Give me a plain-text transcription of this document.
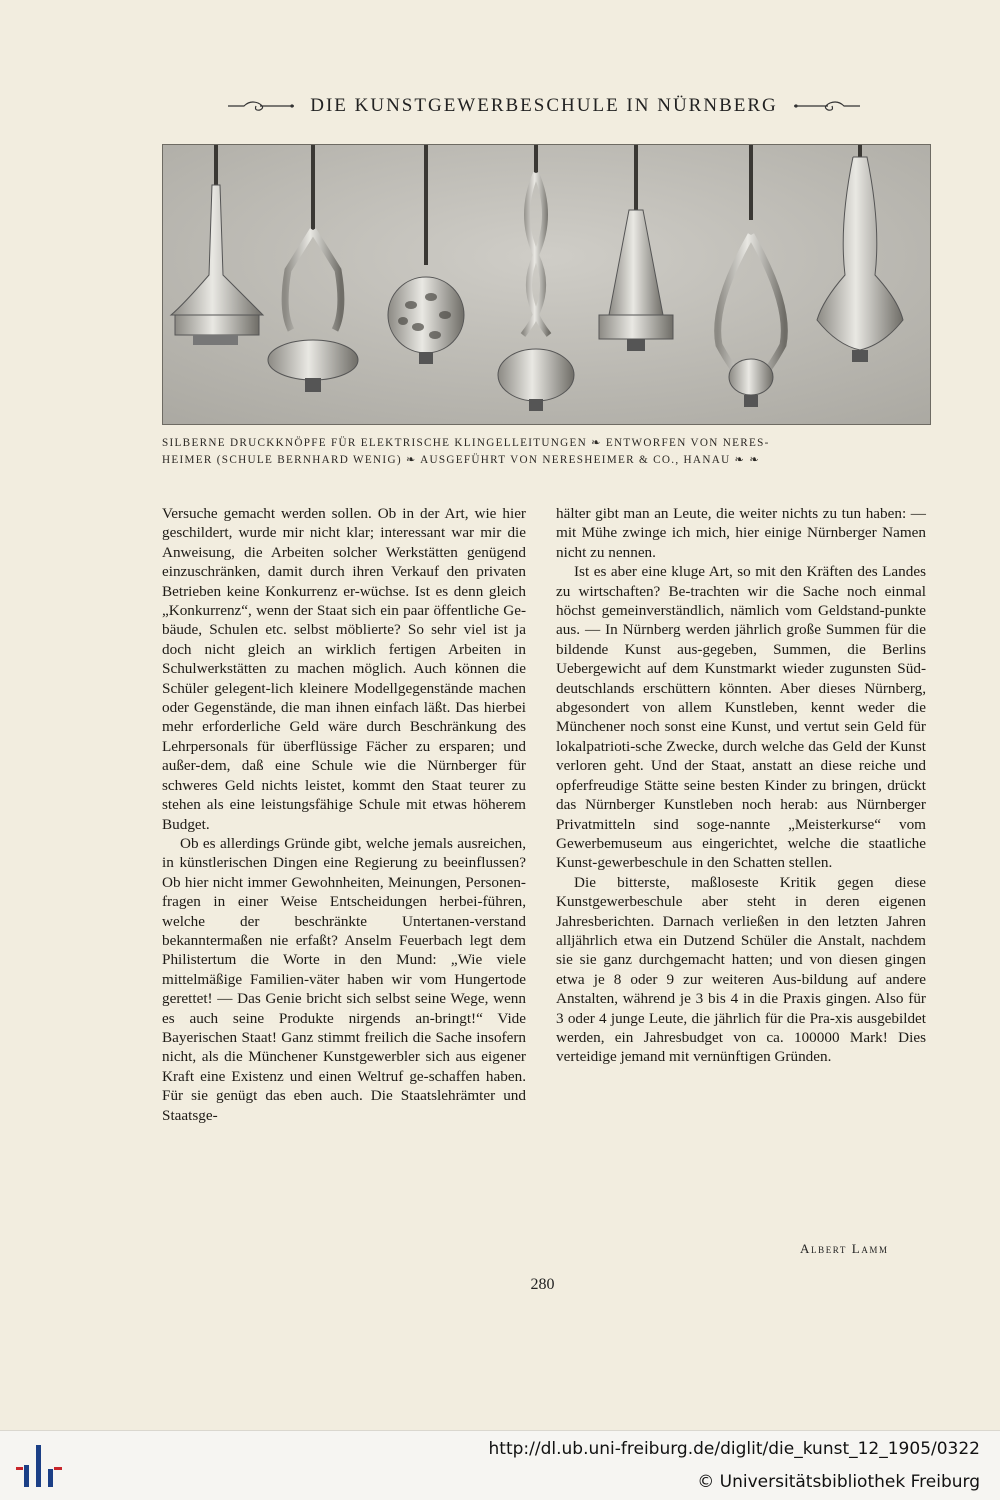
DIE KUNSTGEWERBESCHULE IN NÜRNBERG
SILBERNE DRUCKKNÖPFE FÜR ELEKTRISCHE KLINGELLEITUNGEN ❧ ENTWORFEN VON NERES-
HEIMER (SCHULE BERNHARD WENIG) ❧ AUSGEFÜHRT VON NERESHEIMER & CO., HANAU ❧ ❧

Versuche gemacht werden sollen. Ob in der Art, wie hier geschildert, wurde mir nicht klar; interessant war mir die Anweisung, die Arbeiten solcher Werkstätten genügend einzuschränken, damit durch ihren Verkauf den privaten Betrieben keine Konkurrenz er-wüchse. Ist es denn gleich „Konkurrenz“, wenn der Staat sich ein paar öffentliche Ge-bäude, Schulen etc. selbst möblierte? So sehr viel ist ja doch nicht gleich an wirklich fertigen Arbeiten in Schulwerkstätten zu machen möglich. Auch können die Schüler gelegent-lich kleinere Modellgegenstände machen oder Gegenstände, die man ihnen einfach läßt. Das hierbei mehr erforderliche Geld wäre durch Beschränkung des Lehrpersonals für überflüssige Fächer zu ersparen; und außer-dem, daß eine Schule wie die Nürnberger für schweres Geld nichts leistet, kommt den Staat teurer zu stehen als eine leistungsfähige Schule mit etwas höherem Budget.

Ob es allerdings Gründe gibt, welche jemals ausreichen, in künstlerischen Dingen eine Regierung zu beeinflussen? Ob hier nicht immer Gewohnheiten, Meinungen, Personen-fragen in einer Weise Entscheidungen herbei-führen, welche der beschränkte Untertanen-verstand bekanntermaßen nie erfaßt? Anselm Feuerbach legt dem Philistertum die Worte in den Mund: „Wie viele mittelmäßige Familien-väter haben wir vom Hungertode gerettet! — Das Genie bricht sich selbst seine Wege, wenn es auch seine Produkte nirgends an-bringt!“ Vide Bayerischen Staat! Ganz stimmt freilich die Sache insofern nicht, als die Münchener Kunstgewerbler sich aus eigener Kraft eine Existenz und einen Weltruf ge-schaffen haben. Für sie genügt das eben auch. Die Staatslehrämter und Staatsge-

hälter gibt man an Leute, die weiter nichts zu tun haben: — mit Mühe zwinge ich mich, hier einige Nürnberger Namen nicht zu nennen.

Ist es aber eine kluge Art, so mit den Kräften des Landes zu wirtschaften? Be-trachten wir die Sache noch einmal höchst gemeinverständlich, nämlich vom Geldstand-punkte aus. — In Nürnberg werden jährlich große Summen für die bildende Kunst aus-gegeben, Summen, die Berlins Uebergewicht auf dem Kunstmarkt wieder zugunsten Süd-deutschlands erschüttern könnten. Aber dieses Nürnberg, abgesondert von allem Kunstleben, kennt weder die Münchener noch sonst eine Kunst, und vertut sein Geld für lokalpatrioti-sche Zwecke, durch welche das Geld der Kunst verloren geht. Und der Staat, anstatt an diese reiche und opferfreudige Stätte seine besten Kinder zu bringen, drückt das Nürnberger Kunstleben noch herab: aus Nürnberger Privatmitteln sind soge-nannte „Meisterkurse“ vom Gewerbemuseum aus eingerichtet, welche die staatliche Kunst-gewerbeschule in den Schatten stellen.

Die bitterste, maßloseste Kritik gegen diese Kunstgewerbeschule aber steht in deren eigenen Jahresberichten. Darnach verließen in den letzten Jahren alljährlich etwa ein Dutzend Schüler die Anstalt, nachdem sie sie ganz durchgemacht hatten; und von diesen gingen etwa je 8 oder 9 zur weiteren Aus-bildung auf andere Anstalten, während je 3 bis 4 in die Praxis gingen. Also für 3 oder 4 junge Leute, die jährlich für die Pra-xis ausgebildet werden, ein Jahresbudget von ca. 100000 Mark! Dies verteidige jemand mit vernünftigen Gründen.

Albert Lamm
280
http://dl.ub.uni-freiburg.de/diglit/die_kunst_12_1905/0322
© Universitätsbibliothek Freiburg
